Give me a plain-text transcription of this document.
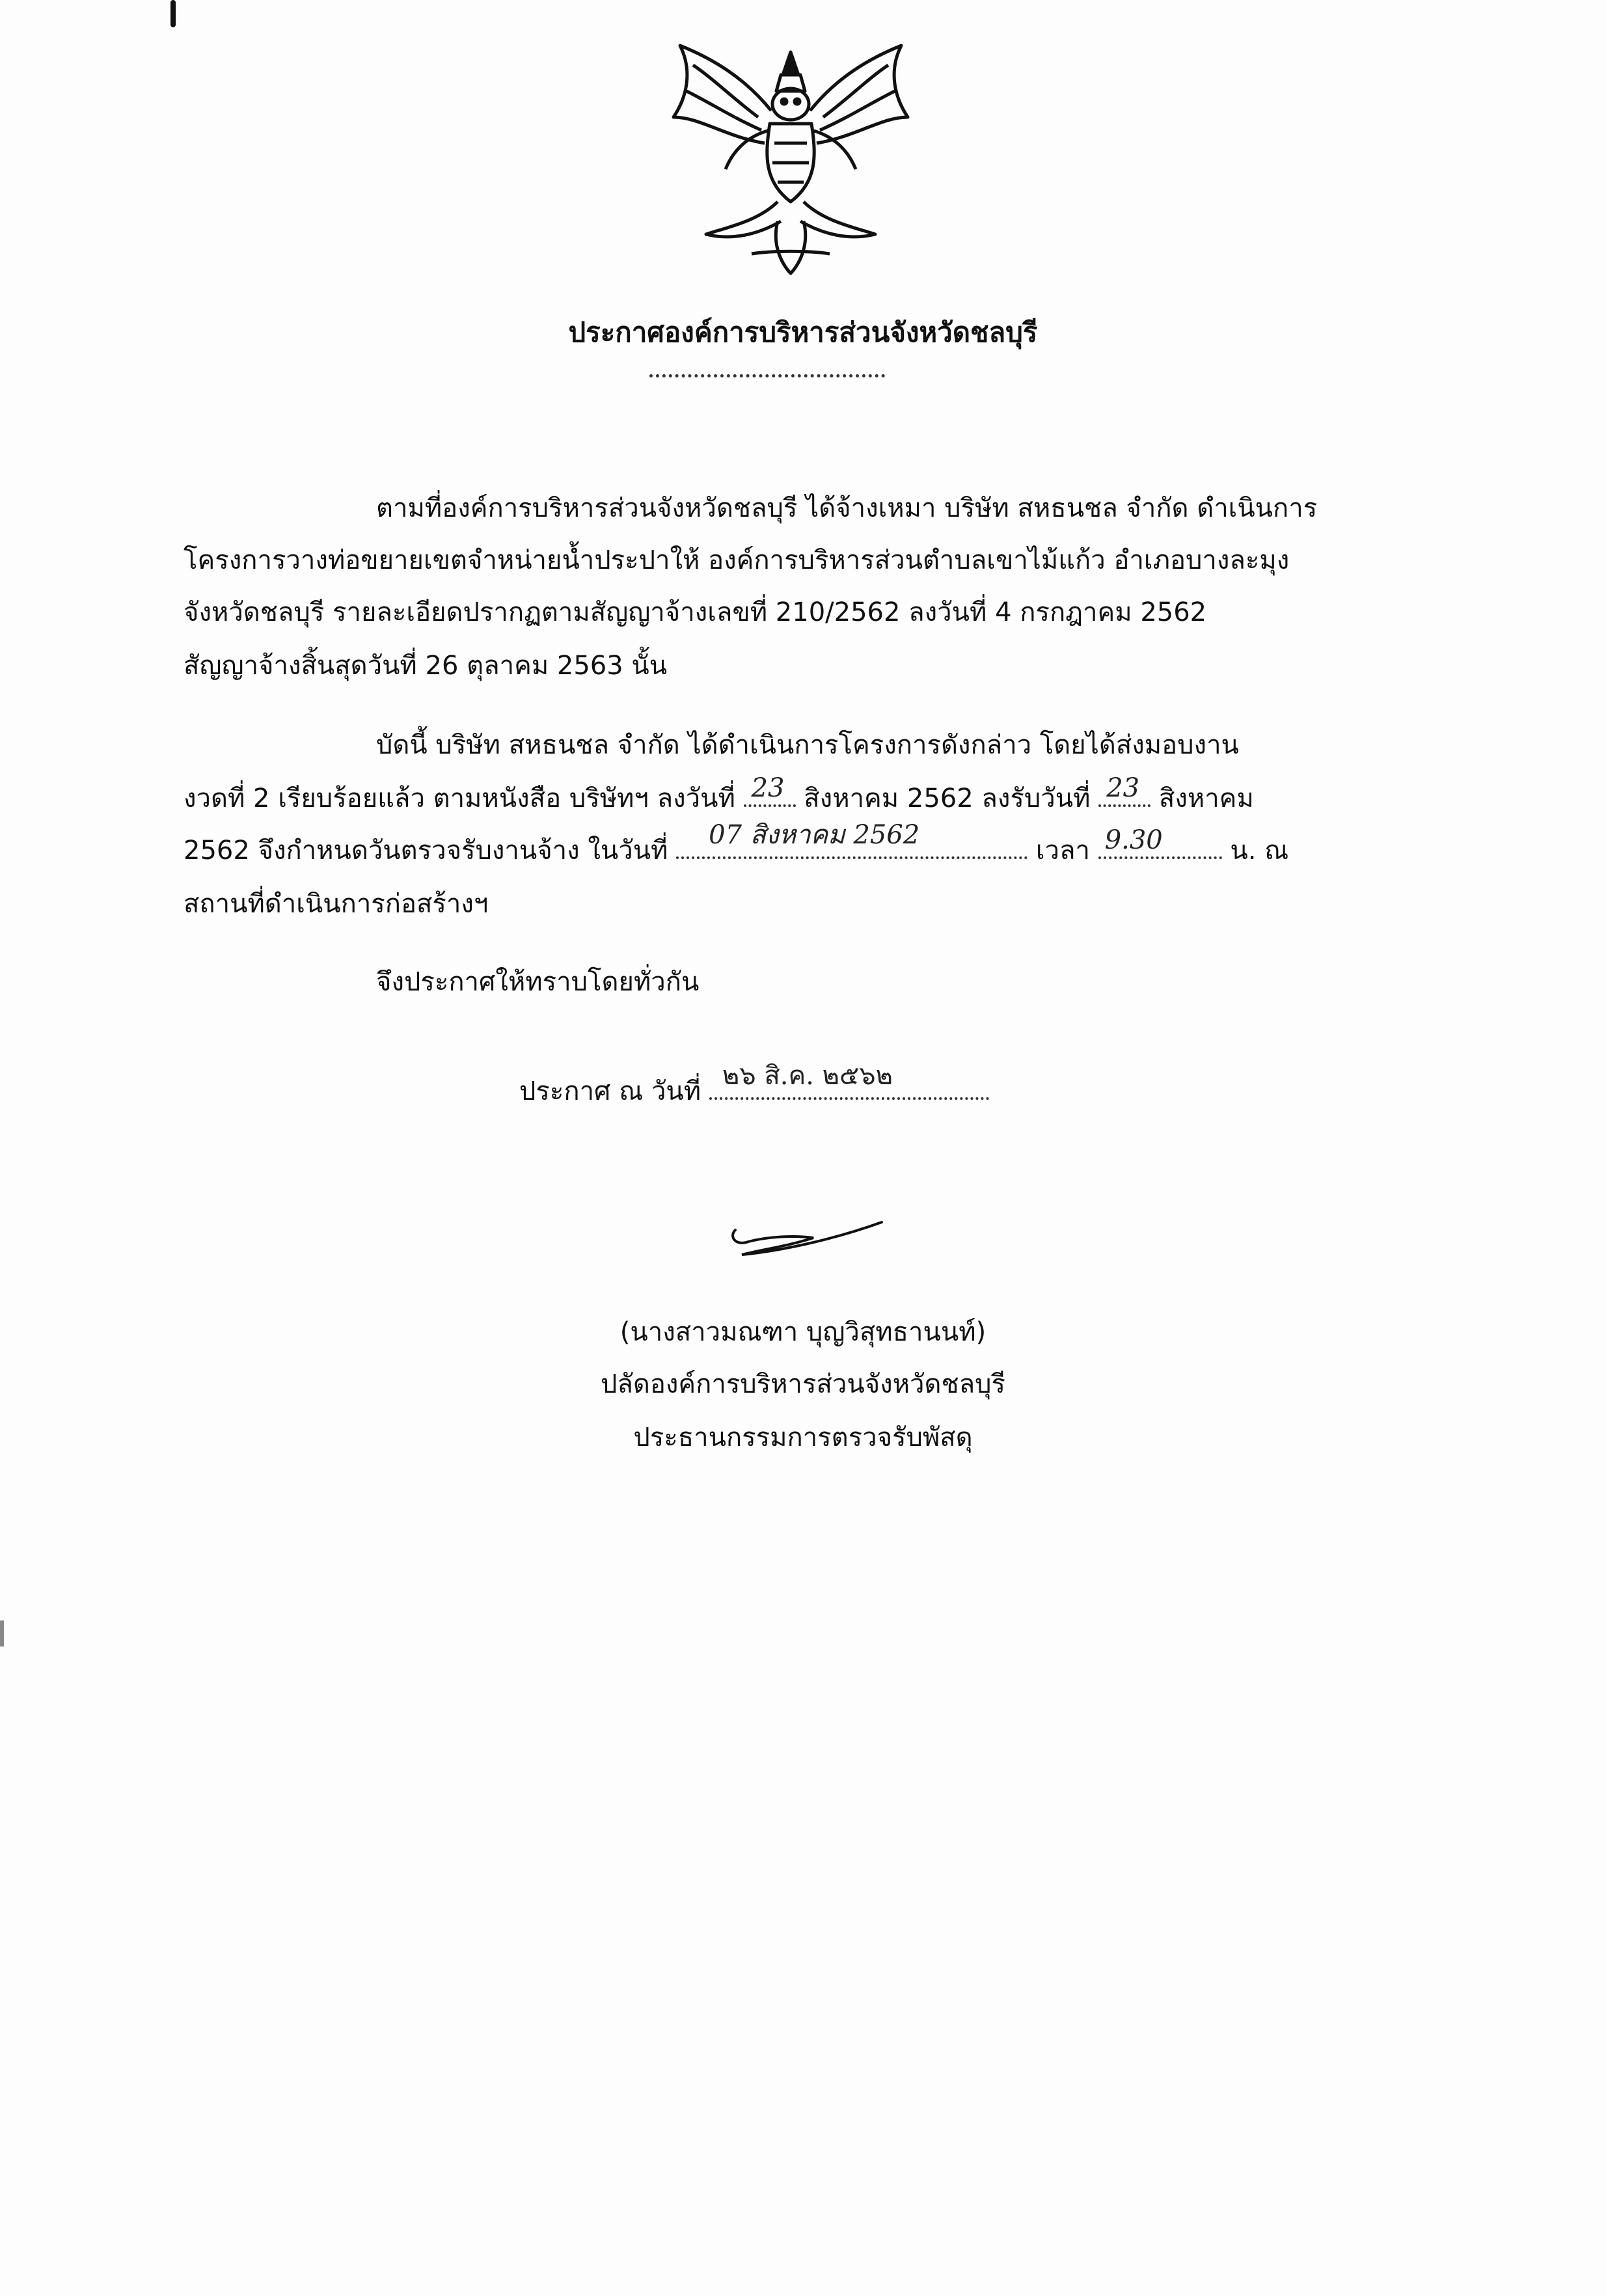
ประกาศองค์การบริหารส่วนจังหวัดชลบุรี
ตามที่องค์การบริหารส่วนจังหวัดชลบุรี ได้จ้างเหมา บริษัท สหธนชล จำกัด ดำเนินการ
โครงการวางท่อขยายเขตจำหน่ายน้ำประปาให้ องค์การบริหารส่วนตำบลเขาไม้แก้ว อำเภอบางละมุง
จังหวัดชลบุรี รายละเอียดปรากฏตามสัญญาจ้างเลขที่ 210/2562 ลงวันที่ 4 กรกฎาคม 2562
สัญญาจ้างสิ้นสุดวันที่ 26 ตุลาคม 2563 นั้น
บัดนี้ บริษัท สหธนชล จำกัด ได้ดำเนินการโครงการดังกล่าว โดยได้ส่งมอบงาน
งวดที่ 2 เรียบร้อยแล้ว ตามหนังสือ บริษัทฯ ลงวันที่ 23 สิงหาคม 2562 ลงรับวันที่ 23 สิงหาคม
2562 จึงกำหนดวันตรวจรับงานจ้าง ในวันที่
07 สิงหาคม 2562
เวลา 9.30	น. ณ
สถานที่ดำเนินการก่อสร้างฯ
จึงประกาศให้ทราบโดยทั่วกัน
ประกาศ ณ วันที่
๒๖ สิ.ค. ๒๕๖๒
(นางสาวมณฑา บุญวิสุทธานนท์)
ปลัดองค์การบริหารส่วนจังหวัดชลบุรี
ประธานกรรมการตรวจรับพัสดุ
